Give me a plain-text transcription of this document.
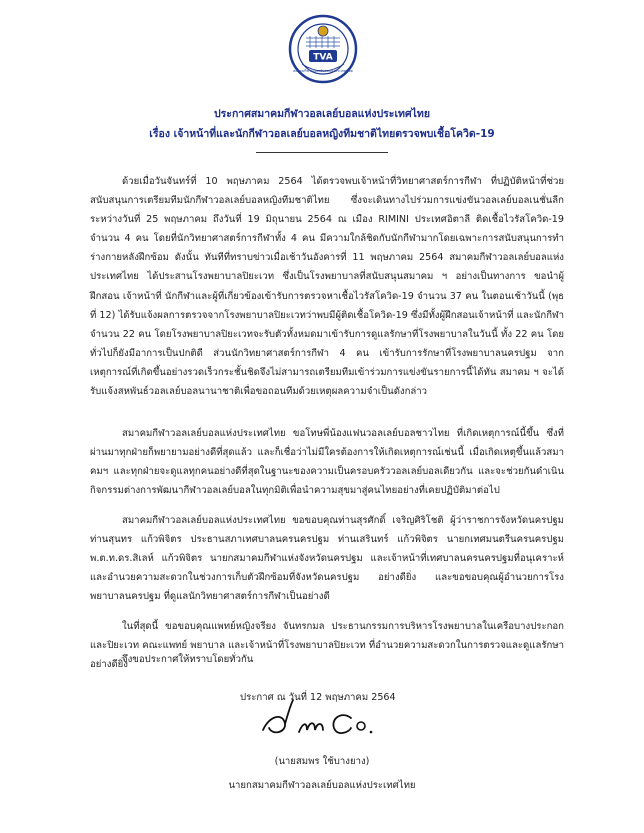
TVA
สมาคมกีฬาวอลเลย์บอลแห่งประเทศไทย
ประกาศสมาคมกีฬาวอลเลย์บอลแห่งประเทศไทย
เรื่อง เจ้าหน้าที่และนักกีฬาวอลเลย์บอลหญิงทีมชาติไทยตรวจพบเชื้อโควิด-19

ด้วยเมื่อวันจันทร์ที่ 10 พฤษภาคม 2564 ได้ตรวจพบเจ้าหน้าที่วิทยาศาสตร์การกีฬา ที่ปฏิบัติหน้าที่ช่วยสนับสนุนการเตรียมทีมนักกีฬาวอลเลย์บอลหญิงทีมชาติไทย ซึ่งจะเดินทางไปร่วมการแข่งขันวอลเลย์บอลเนชั่นลีก ระหว่างวันที่ 25 พฤษภาคม ถึงวันที่ 19 มิถุนายน 2564 ณ เมือง RIMINI ประเทศอิตาลี ติดเชื้อไวรัสโควิด-19 จำนวน 4 คน โดยที่นักวิทยาศาสตร์การกีฬาทั้ง 4 คน มีความใกล้ชิดกับนักกีฬามากโดยเฉพาะการสนับสนุนการทำร่างกายหลังฝึกซ้อม ดังนั้น ทันทีที่ทราบข่าวเมื่อเช้าวันอังคารที่ 11 พฤษภาคม 2564 สมาคมกีฬาวอลเลย์บอลแห่งประเทศไทย ได้ประสานโรงพยาบาลปิยะเวท ซึ่งเป็นโรงพยาบาลที่สนับสนุนสมาคม ฯ อย่างเป็นทางการ ขอนำผู้ฝึกสอน เจ้าหน้าที่ นักกีฬาและผู้ที่เกี่ยวข้องเข้ารับการตรวจหาเชื้อไวรัสโควิด-19 จำนวน 37 คน ในตอนเช้าวันนี้ (พุธที่ 12) ได้รับแจ้งผลการตรวจจากโรงพยาบาลปิยะเวทว่าพบมีผู้ติดเชื้อโควิด-19 ซึ่งมีทั้งผู้ฝึกสอนเจ้าหน้าที่ และนักกีฬา จำนวน 22 คน โดยโรงพยาบาลปิยะเวทจะรับตัวทั้งหมดมาเข้ารับการดูแลรักษาที่โรงพยาบาลในวันนี้ ทั้ง 22 คน โดยทั่วไปก็ยังมีอาการเป็นปกติดี ส่วนนักวิทยาศาสตร์การกีฬา 4 คน เข้ารับการรักษาที่โรงพยาบาลนครปฐม จากเหตุการณ์ที่เกิดขึ้นอย่างรวดเร็วกระชั้นชิดจึงไม่สามารถเตรียมทีมเข้าร่วมการแข่งขันรายการนี้ได้ทัน สมาคม ฯ จะได้รับแจ้งสหพันธ์วอลเลย์บอลนานาชาติเพื่อขอถอนทีมด้วยเหตุผลความจำเป็นดังกล่าว

สมาคมกีฬาวอลเลย์บอลแห่งประเทศไทย ขอโทษพี่น้องแฟนวอลเลย์บอลชาวไทย ที่เกิดเหตุการณ์นี้ขึ้น ซึ่งที่ผ่านมาทุกฝ่ายก็พยายามอย่างดีที่สุดแล้ว และก็เชื่อว่าไม่มีใครต้องการให้เกิดเหตุการณ์เช่นนี้ เมื่อเกิดเหตุขึ้นแล้วสมาคมฯ และทุกฝ่ายจะดูแลทุกคนอย่างดีที่สุดในฐานะของความเป็นครอบครัววอลเลย์บอลเดียวกัน และจะช่วยกันดำเนินกิจกรรมต่างการพัฒนากีฬาวอลเลย์บอลในทุกมิติเพื่อนำความสุขมาสู่คนไทยอย่างที่เคยปฏิบัติมาต่อไป

สมาคมกีฬาวอลเลย์บอลแห่งประเทศไทย ขอขอบคุณท่านสุรศักดิ์ เจริญศิริโชติ ผู้ว่าราชการจังหวัดนครปฐม ท่านสุนทร แก้วพิจิตร ประธานสภาเทศบาลนครนครปฐม ท่านเสรินทร์ แก้วพิจิตร นายกเทศมนตรีนครนครปฐม พ.ต.ท.ดร.สิเลห์ แก้วพิจิตร นายกสมาคมกีฬาแห่งจังหวัดนครปฐม และเจ้าหน้าที่เทศบาลนครนครปฐมที่อนุเคราะห์และอำนวยความสะดวกในช่วงการเก็บตัวฝึกซ้อมที่จังหวัดนครปฐม อย่างดียิ่ง และขอขอบคุณผู้อำนวยการโรงพยาบาลนครปฐม ที่ดูแลนักวิทยาศาสตร์การกีฬาเป็นอย่างดี

ในที่สุดนี้ ขอขอบคุณแพทย์หญิงจรียง จันทรกมล ประธานกรรมการบริหารโรงพยาบาลในเครือบางประกอกและปิยะเวท คณะแพทย์ พยาบาล และเจ้าหน้าที่โรงพยาบาลปิยะเวท ที่อำนวยความสะดวกในการตรวจและดูแลรักษาอย่างดียิ่ง

จึงขอประกาศให้ทราบโดยทั่วกัน

ประกาศ ณ วันที่ 12 พฤษภาคม 2564
(นายสมพร ใช้บางยาง)
นายกสมาคมกีฬาวอลเลย์บอลแห่งประเทศไทย
